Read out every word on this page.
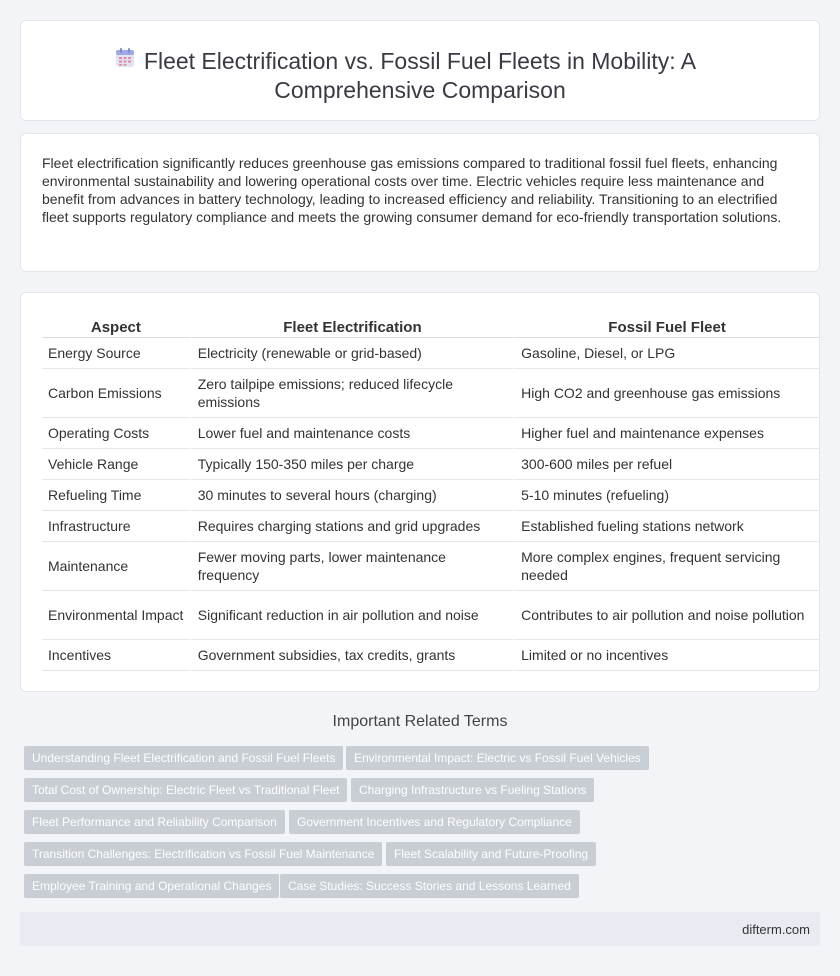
Fleet Electrification vs. Fossil Fuel Fleets in Mobility: A Comprehensive Comparison

Fleet electrification significantly reduces greenhouse gas emissions compared to traditional fossil fuel fleets, enhancing environmental sustainability and lowering operational costs over time. Electric vehicles require less maintenance and benefit from advances in battery technology, leading to increased efficiency and reliability. Transitioning to an electrified fleet supports regulatory compliance and meets the growing consumer demand for eco-friendly transportation solutions.

Aspect	Fleet Electrification	Fossil Fuel Fleet
Energy Source	Electricity (renewable or grid-based)	Gasoline, Diesel, or LPG
Carbon Emissions	Zero tailpipe emissions; reduced lifecycle emissions	High CO2 and greenhouse gas emissions
Operating Costs	Lower fuel and maintenance costs	Higher fuel and maintenance expenses
Vehicle Range	Typically 150-350 miles per charge	300-600 miles per refuel
Refueling Time	30 minutes to several hours (charging)	5-10 minutes (refueling)
Infrastructure	Requires charging stations and grid upgrades	Established fueling stations network
Maintenance	Fewer moving parts, lower maintenance frequency	More complex engines, frequent servicing needed
Environmental Impact	Significant reduction in air pollution and noise	Contributes to air pollution and noise pollution
Incentives	Government subsidies, tax credits, grants	Limited or no incentives
Important Related Terms
Understanding Fleet Electrification and Fossil Fuel Fleets	Environmental Impact: Electric vs Fossil Fuel Vehicles
Total Cost of Ownership: Electric Fleet vs Traditional Fleet	Charging Infrastructure vs Fueling Stations
Fleet Performance and Reliability Comparison	Government Incentives and Regulatory Compliance
Transition Challenges: Electrification vs Fossil Fuel Maintenance	Fleet Scalability and Future-Proofing
Employee Training and Operational Changes	Case Studies: Success Stories and Lessons Learned
difterm.com
